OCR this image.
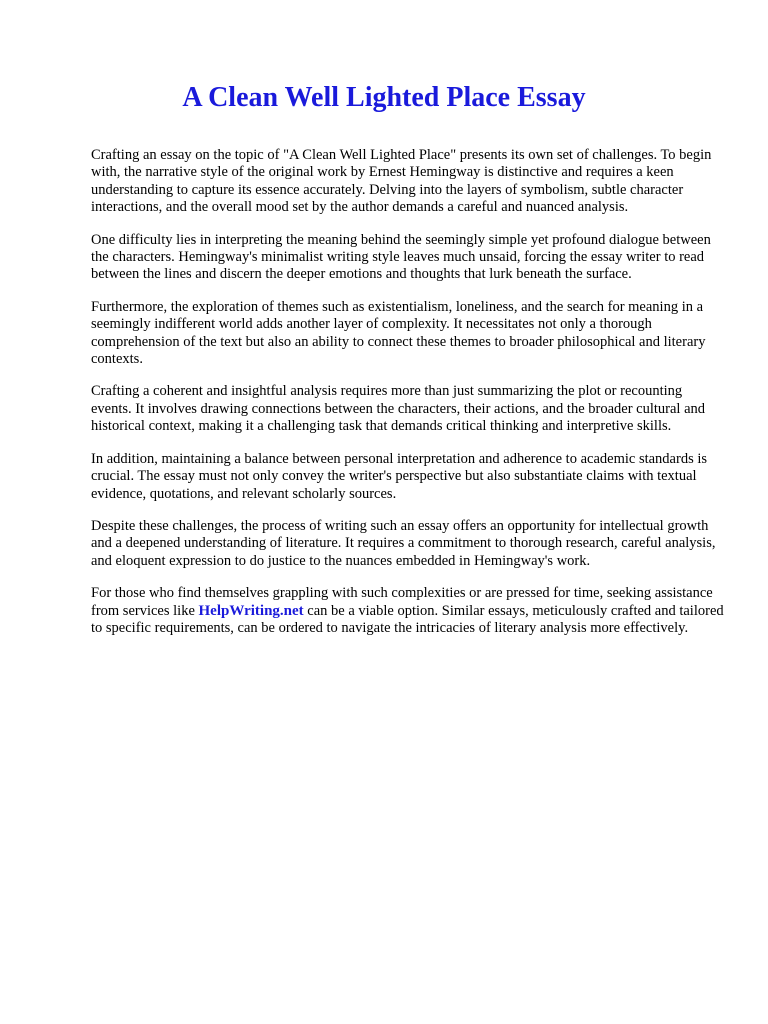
A Clean Well Lighted Place Essay

Crafting an essay on the topic of "A Clean Well Lighted Place" presents its own set of challenges. To begin with, the narrative style of the original work by Ernest Hemingway is distinctive and requires a keen understanding to capture its essence accurately. Delving into the layers of symbolism, subtle character interactions, and the overall mood set by the author demands a careful and nuanced analysis.

One difficulty lies in interpreting the meaning behind the seemingly simple yet profound dialogue between the characters. Hemingway's minimalist writing style leaves much unsaid, forcing the essay writer to read between the lines and discern the deeper emotions and thoughts that lurk beneath the surface.

Furthermore, the exploration of themes such as existentialism, loneliness, and the search for meaning in a seemingly indifferent world adds another layer of complexity. It necessitates not only a thorough comprehension of the text but also an ability to connect these themes to broader philosophical and literary contexts.

Crafting a coherent and insightful analysis requires more than just summarizing the plot or recounting events. It involves drawing connections between the characters, their actions, and the broader cultural and historical context, making it a challenging task that demands critical thinking and interpretive skills.

In addition, maintaining a balance between personal interpretation and adherence to academic standards is crucial. The essay must not only convey the writer's perspective but also substantiate claims with textual evidence, quotations, and relevant scholarly sources.

Despite these challenges, the process of writing such an essay offers an opportunity for intellectual growth and a deepened understanding of literature. It requires a commitment to thorough research, careful analysis, and eloquent expression to do justice to the nuances embedded in Hemingway's work.

For those who find themselves grappling with such complexities or are pressed for time, seeking assistance from services like HelpWriting.net can be a viable option. Similar essays, meticulously crafted and tailored to specific requirements, can be ordered to navigate the intricacies of literary analysis more effectively.
